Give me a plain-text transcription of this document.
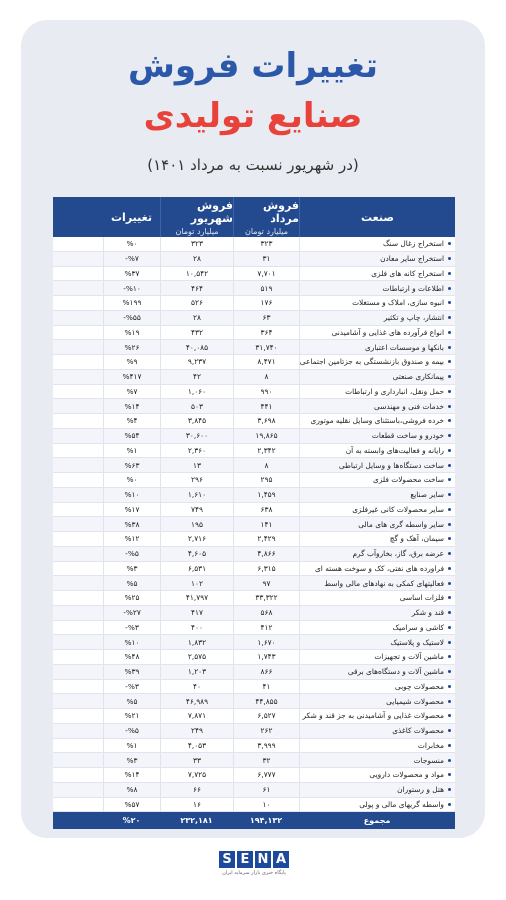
تغییرات فروش
صنایع تولیدی
(در شهریور نسبت به مرداد ۱۴۰۱)
صنعت
فروش مرداد
میلیارد تومان
فروش شهریور
میلیارد تومان
تغییرات
استخراج زغال سنگ
۳۲۳
۳۲۳
%۰
استخراج سایر معادن
۳۱
۲۸
%۷-
استخراج کانه های فلزی
۷,۷۰۱
۱۰,۵۴۲
%۳۷
اطلاعات و ارتباطات
۵۱۹
۴۶۴
%۱۰-
انبوه سازی، املاک و مستغلات
۱۷۶
۵۲۶
%۱۹۹
انتشار، چاپ و تکثیر
۶۳
۲۸
%۵۵-
انواع فرآورده های غذایی و آشامیدنی
۳۶۴
۴۳۲
%۱۹
بانکها و موسسات اعتباری
۳۱,۷۴۰
۴۰,۰۸۵
%۲۶
بیمه و صندوق بازنشستگی به جزتامین اجتماعی
۸,۴۷۱
۹,۲۳۷
%۹
پیمانکاری صنعتی
۸
۴۲
%۴۱۷
حمل ونقل، انبارداری و ارتباطات
۹۹۰
۱,۰۶۰
%۷
خدمات فنی و مهندسی
۴۴۱
۵۰۳
%۱۴
خرده فروشی،باستثنای وسایل نقلیه موتوری
۳,۶۹۸
۳,۸۴۵
%۴
خودرو و ساخت قطعات
۱۹,۸۶۵
۳۰,۶۰۰
%۵۴
رایانه و فعالیت‌های وابسته به آن
۲,۳۴۲
۲,۳۶۰
%۱
ساخت دستگاه‌ها و وسایل ارتباطی
۸
۱۳
%۶۳
ساخت محصولات فلزی
۲۹۵
۲۹۶
%۰
سایر صنایع
۱,۴۵۹
۱,۶۱۰
%۱۰
سایر محصولات کانی غیرفلزی
۶۳۸
۷۴۹
%۱۷
سایر واسطه گری های مالی
۱۴۱
۱۹۵
%۳۸
سیمان، آهک و گچ
۲,۴۲۹
۲,۷۱۶
%۱۲
عرضه برق، گاز، بخاروآب گرم
۴,۸۶۶
۴,۶۰۵
%۵-
فراورده های نفتی، کک و سوخت هسته ای
۶,۳۱۵
۶,۵۳۱
%۳
فعالیتهای کمکی به نهادهای مالی واسط
۹۷
۱۰۲
%۵
فلزات اساسی
۳۳,۳۲۲
۴۱,۷۹۷
%۲۵
قند و شکر
۵۶۸
۴۱۷
%۲۷-
کاشی و سرامیک
۴۱۲
۴۰۰
%۳-
لاستیک و پلاستیک
۱,۶۷۰
۱,۸۳۲
%۱۰
ماشین آلات و تجهیزات
۱,۷۴۳
۲,۵۷۵
%۴۸
ماشین آلات و دستگاه‌های برقی
۸۶۶
۱,۲۰۳
%۳۹
محصولات چوبی
۴۱
۴۰
%۳-
محصولات شیمیایی
۴۴,۸۵۵
۴۶,۹۸۹
%۵
محصولات غذایی و آشامیدنی به جز قند و شکر
۶,۵۲۷
۷,۸۷۱
%۲۱
محصولات کاغذی
۲۶۲
۲۴۹
%۵-
مخابرات
۳,۹۹۹
۴,۰۵۳
%۱
منسوجات
۳۲
۳۳
%۳
مواد و محصولات دارویی
۶,۷۷۷
۷,۷۲۵
%۱۴
هتل و رستوران
۶۱
۶۶
%۸
واسطه گریهای مالی و پولی
۱۰
۱۶
%۵۷
مجموع
۱۹۴,۱۳۲
۲۳۲,۱۸۱
%۲۰
S E N A
پایگاه خبری بازار سرمایه ایران
